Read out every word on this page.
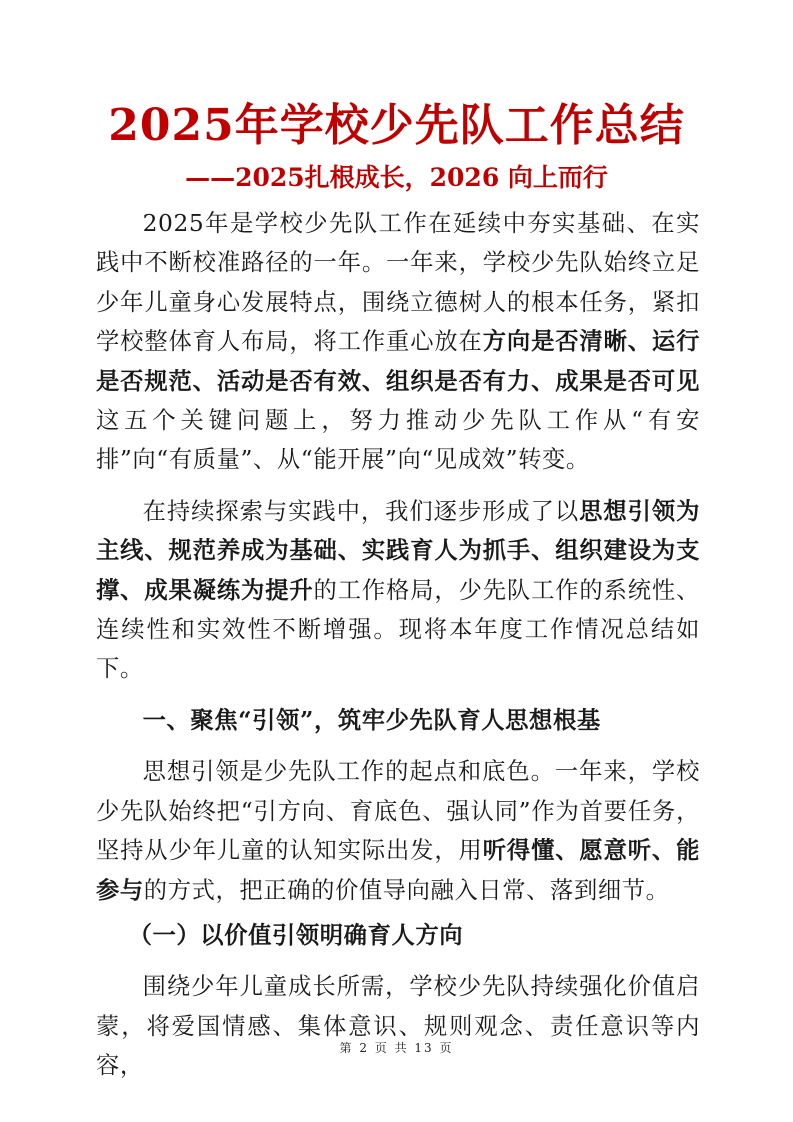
2025年学校少先队工作总结
——2025扎根成长，2026 向上而行

2025年是学校少先队工作在延续中夯实基础、在实践中不断校准路径的一年。一年来，学校少先队始终立足少年儿童身心发展特点，围绕立德树人的根本任务，紧扣学校整体育人布局，将工作重心放在方向是否清晰、运行是否规范、活动是否有效、组织是否有力、成果是否可见这五个关键问题上，努力推动少先队工作从“有安排”向“有质量”、从“能开展”向“见成效”转变。

在持续探索与实践中，我们逐步形成了以思想引领为主线、规范养成为基础、实践育人为抓手、组织建设为支撑、成果凝练为提升的工作格局，少先队工作的系统性、连续性和实效性不断增强。现将本年度工作情况总结如下。

一、聚焦“引领”，筑牢少先队育人思想根基

思想引领是少先队工作的起点和底色。一年来，学校少先队始终把“引方向、育底色、强认同”作为首要任务，坚持从少年儿童的认知实际出发，用听得懂、愿意听、能参与的方式，把正确的价值导向融入日常、落到细节。

（一）以价值引领明确育人方向

围绕少年儿童成长所需，学校少先队持续强化价值启蒙，将爱国情感、集体意识、规则观念、责任意识等内容，

第 2 页 共 13 页
